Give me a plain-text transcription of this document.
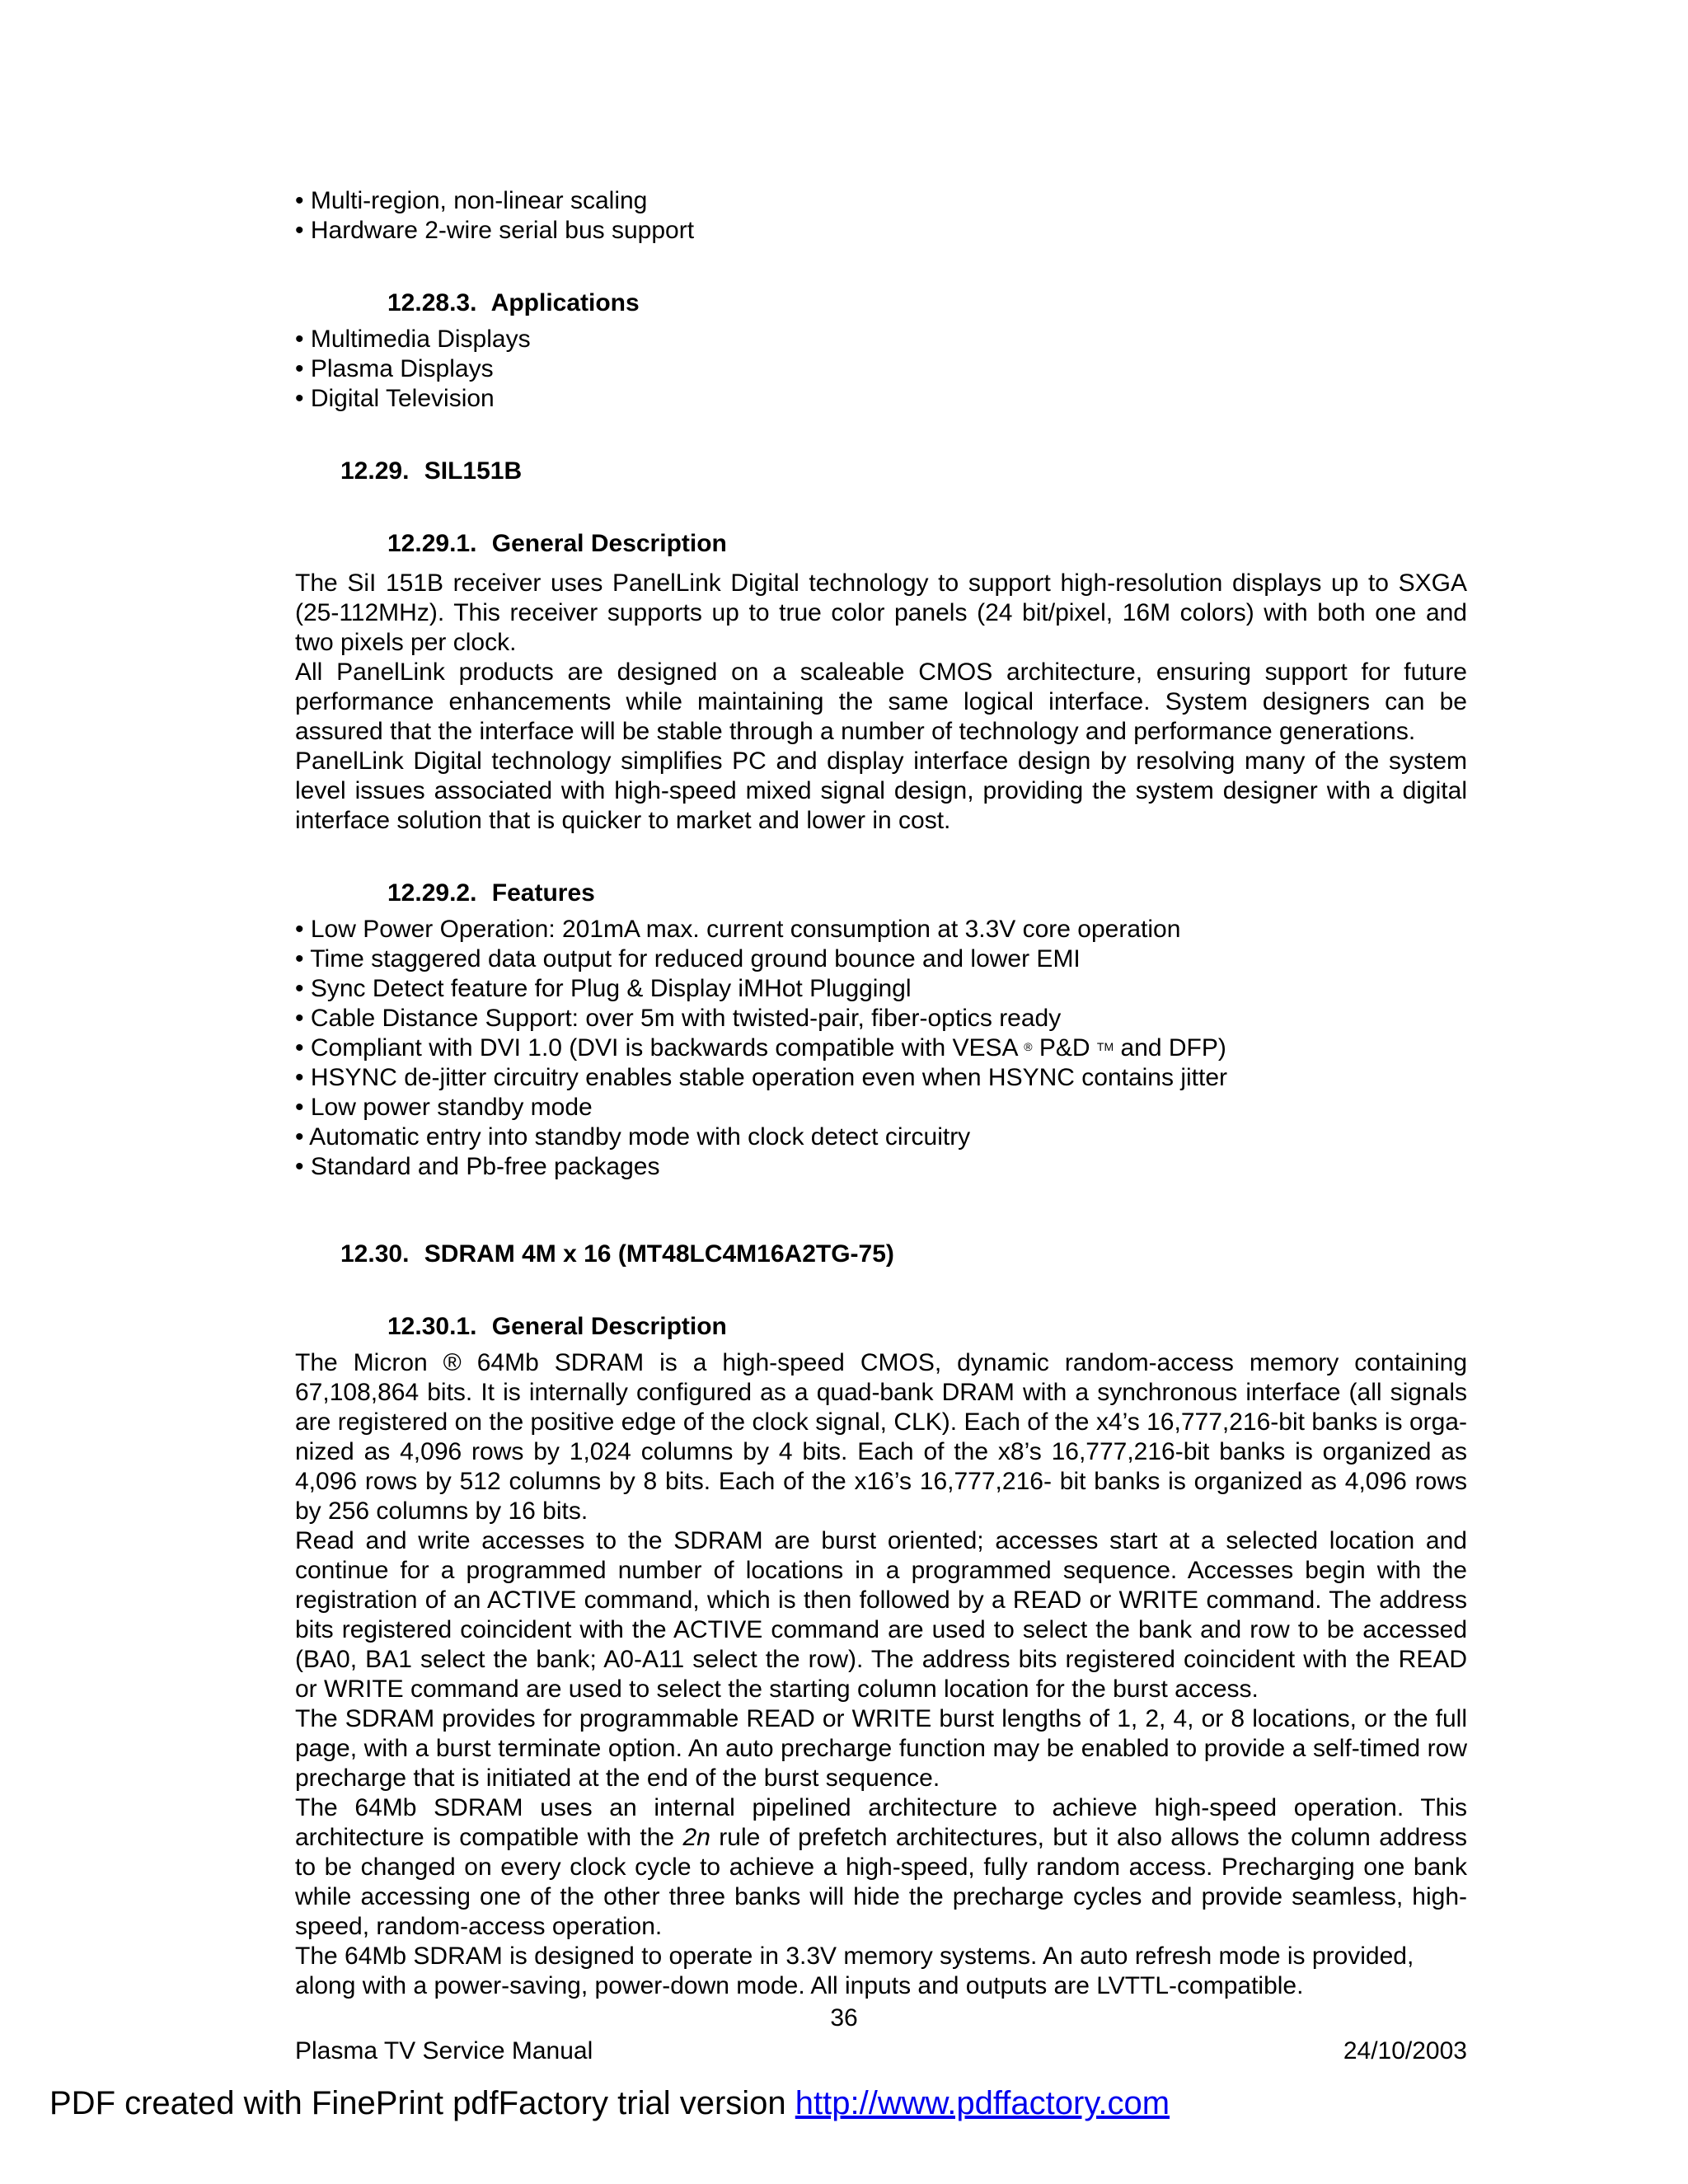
• Multi-region, non-linear scaling
• Hardware 2-wire serial bus support
12.28.3. Applications
• Multimedia Displays
• Plasma Displays
• Digital Television
12.29. SIL151B
12.29.1. General Description

The SiI 151B receiver uses PanelLink Digital technology to support high-resolution displays up to SXGA (25-112MHz). This receiver supports up to true color panels (24 bit/pixel, 16M colors) with both one and two pixels per clock.

All PanelLink products are designed on a scaleable CMOS architecture, ensuring support for future performance enhancements while maintaining the same logical interface. System designers can be assured that the interface will be stable through a number of technology and performance generations.

PanelLink Digital technology simplifies PC and display interface design by resolving many of the system level issues associated with high-speed mixed signal design, providing the system designer with a digital interface solution that is quicker to market and lower in cost.

12.29.2. Features
• Low Power Operation: 201mA max. current consumption at 3.3V core operation
• Time staggered data output for reduced ground bounce and lower EMI
• Sync Detect feature for Plug & Display iMHot Pluggingl
• Cable Distance Support: over 5m with twisted-pair, fiber-optics ready
• Compliant with DVI 1.0 (DVI is backwards compatible with VESA ® P&D ™ and DFP)
• HSYNC de-jitter circuitry enables stable operation even when HSYNC contains jitter
• Low power standby mode
• Automatic entry into standby mode with clock detect circuitry
• Standard and Pb-free packages
12.30. SDRAM 4M x 16 (MT48LC4M16A2TG-75)
12.30.1. General Description

The Micron ® 64Mb SDRAM is a high-speed CMOS, dynamic random-access memory containing 67,108,864 bits. It is internally configured as a quad-bank DRAM with a synchronous interface (all signals are registered on the positive edge of the clock signal, CLK). Each of the x4’s 16,777,216-bit banks is orga-nized as 4,096 rows by 1,024 columns by 4 bits. Each of the x8’s 16,777,216-bit banks is organized as 4,096 rows by 512 columns by 8 bits. Each of the x16’s 16,777,216- bit banks is organized as 4,096 rows by 256 columns by 16 bits.

Read and write accesses to the SDRAM are burst oriented; accesses start at a selected location and continue for a programmed number of locations in a programmed sequence. Accesses begin with the registration of an ACTIVE command, which is then followed by a READ or WRITE command. The address bits registered coincident with the ACTIVE command are used to select the bank and row to be accessed (BA0, BA1 select the bank; A0-A11 select the row). The address bits registered coincident with the READ or WRITE command are used to select the starting column location for the burst access.

The SDRAM provides for programmable READ or WRITE burst lengths of 1, 2, 4, or 8 locations, or the full page, with a burst terminate option. An auto precharge function may be enabled to provide a self-timed row precharge that is initiated at the end of the burst sequence.

The 64Mb SDRAM uses an internal pipelined architecture to achieve high-speed operation. This architecture is compatible with the 2n rule of prefetch architectures, but it also allows the column address to be changed on every clock cycle to achieve a high-speed, fully random access. Precharging one bank while accessing one of the other three banks will hide the precharge cycles and provide seamless, high-speed, random-access operation.

The 64Mb SDRAM is designed to operate in 3.3V memory systems. An auto refresh mode is provided, along with a power-saving, power-down mode. All inputs and outputs are LVTTL-compatible.

36
Plasma TV Service Manual	24/10/2003
PDF created with FinePrint pdfFactory trial version http://www.pdffactory.com
